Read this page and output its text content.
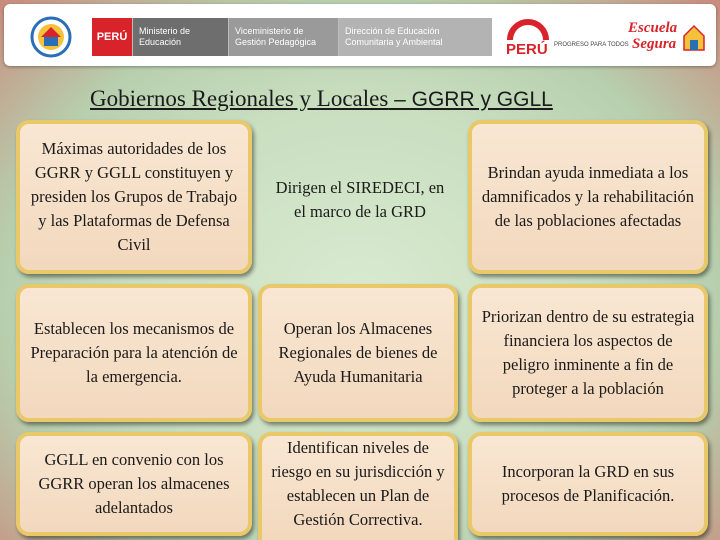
PERÚ	Ministerio de Educación
Viceministerio de Gestión Pedagógica
Dirección de Educación Comunitaria y Ambiental	PERÚ PROGRESO PARA TODOS
Escuela
Segura
Gobiernos Regionales y Locales – GGRR y GGLL
Máximas autoridades de los GGRR y GGLL constituyen y presiden los Grupos de Trabajo y las Plataformas de Defensa Civil
Dirigen el SIREDECI, en el marco de la GRD
Brindan ayuda inmediata a los damnificados y la rehabilitación de las poblaciones afectadas
Establecen los mecanismos de Preparación para la atención de la emergencia.
Operan los Almacenes Regionales de bienes de Ayuda Humanitaria
Priorizan dentro de su estrategia financiera los aspectos de peligro inminente a fin de proteger a la población
GGLL en convenio con los GGRR operan los almacenes adelantados
Identifican niveles de riesgo en su jurisdicción y establecen un Plan de Gestión Correctiva.
Incorporan la GRD en sus procesos de Planificación.
